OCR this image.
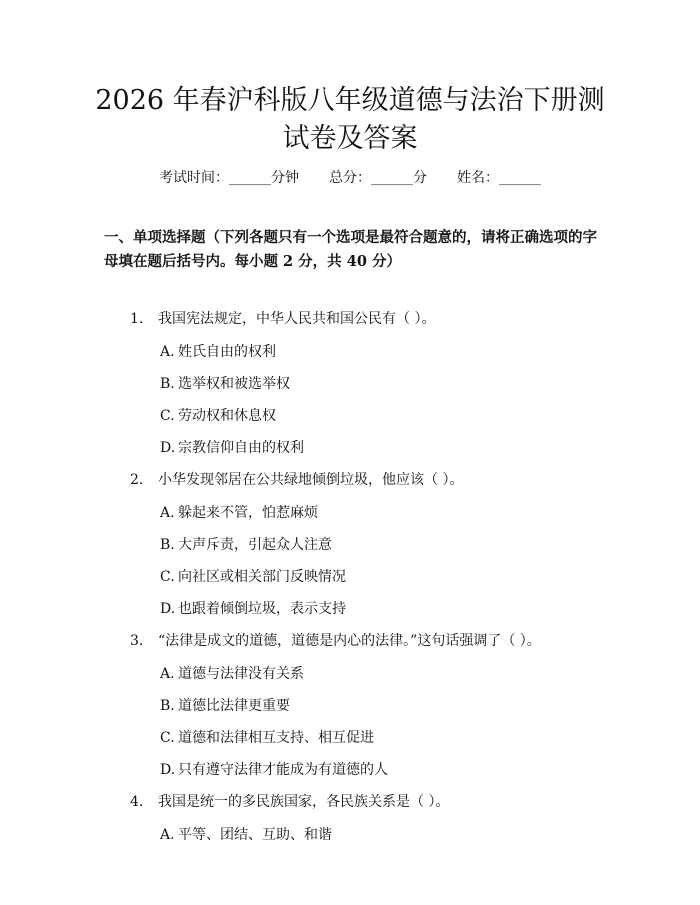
2026 年春沪科版八年级道德与法治下册测试卷及答案
考试时间：______分钟 总分：______分 姓名：______

一、单项选择题（下列各题只有一个选项是最符合题意的，请将正确选项的字母填在题后括号内。每小题 2 分，共 40 分）

1. 我国宪法规定，中华人民共和国公民有（ ）。
A. 姓氏自由的权利
B. 选举权和被选举权
C. 劳动权和休息权
D. 宗教信仰自由的权利
2. 小华发现邻居在公共绿地倾倒垃圾，他应该（ ）。
A. 躲起来不管，怕惹麻烦
B. 大声斥责，引起众人注意
C. 向社区或相关部门反映情况
D. 也跟着倾倒垃圾，表示支持
3. “法律是成文的道德，道德是内心的法律。”这句话强调了（ ）。
A. 道德与法律没有关系
B. 道德比法律更重要
C. 道德和法律相互支持、相互促进
D. 只有遵守法律才能成为有道德的人
4. 我国是统一的多民族国家，各民族关系是（ ）。
A. 平等、团结、互助、和谐
